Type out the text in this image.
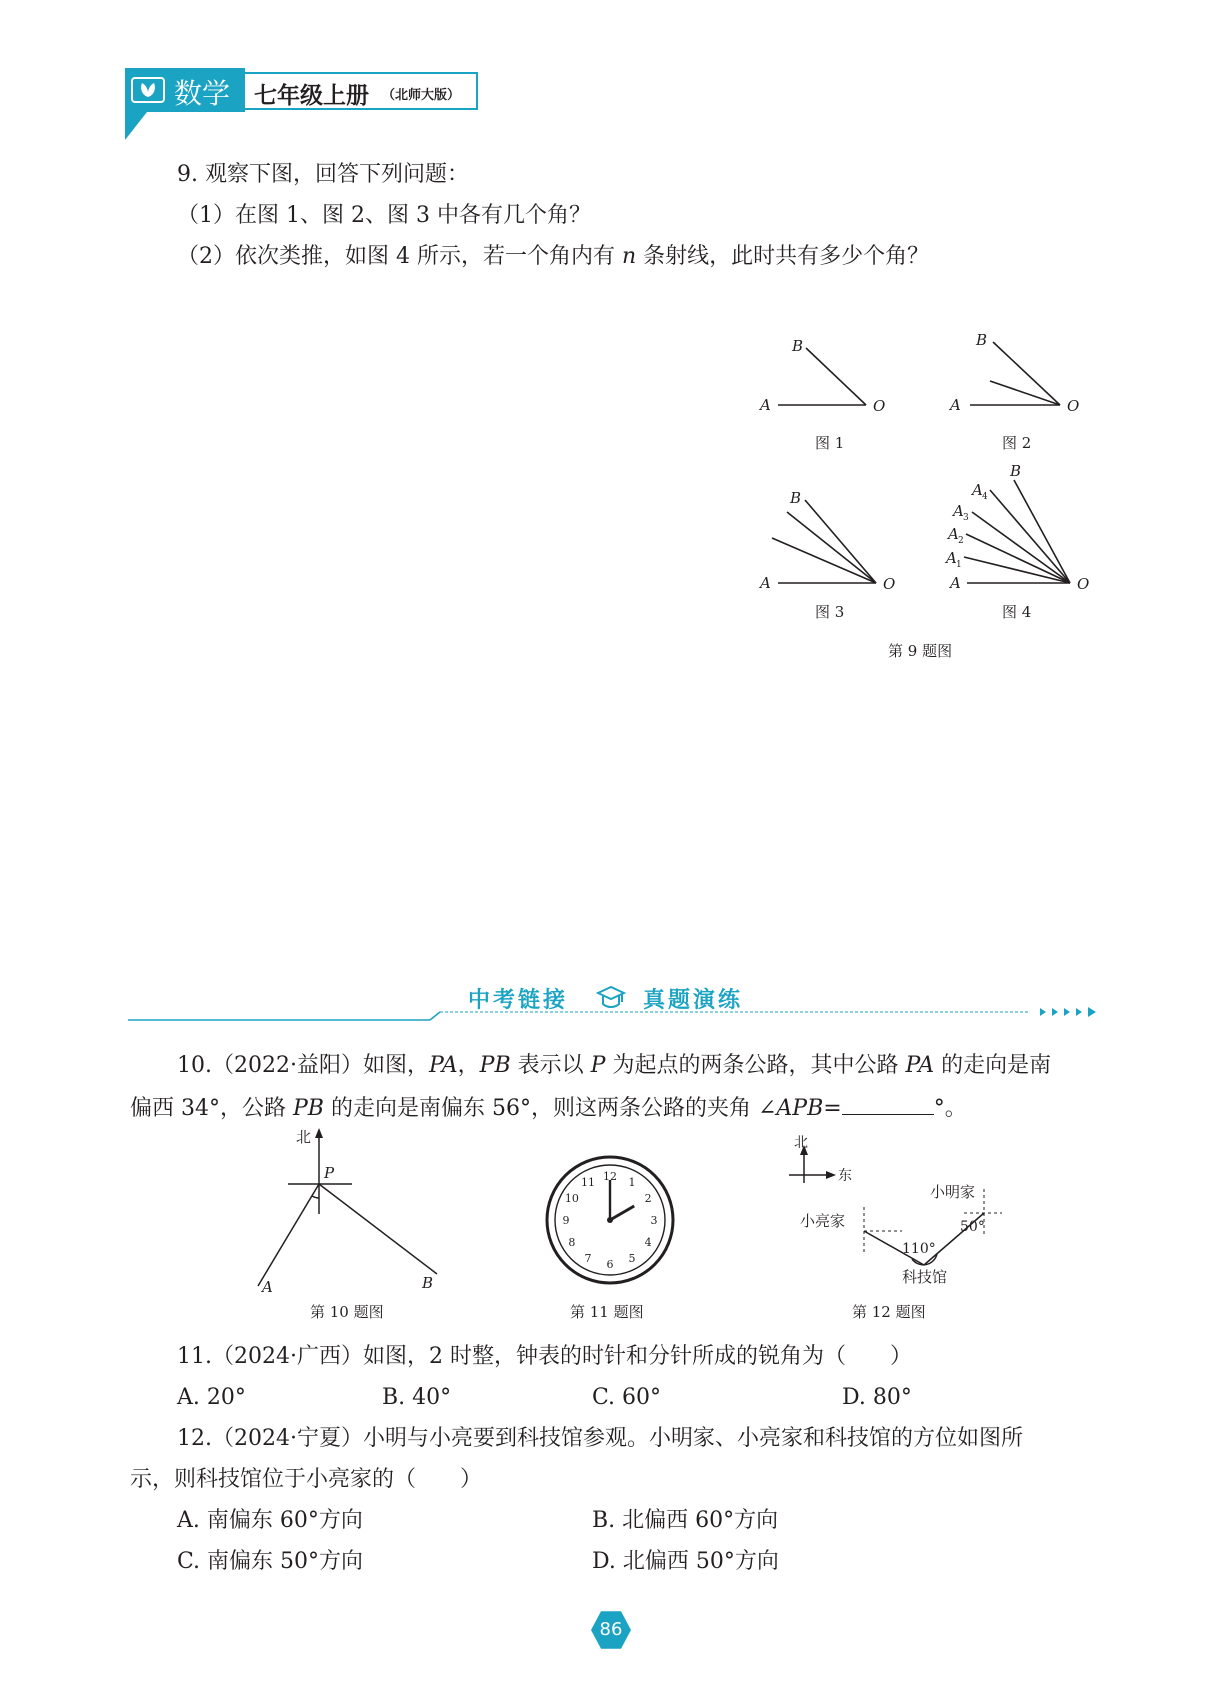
数学 七年级上册 （北师大版）
9. 观察下图，回答下列问题：
（1）在图 1、图 2、图 3 中各有几个角？
（2）依次类推，如图 4 所示，若一个角内有 n 条射线，此时共有多少个角？
A
B
O	A
B
O
A
B
O	A
A
A
A
A
B
O
1
2
3
4
图 1	图 2
图 3	图 4
第 9 题图
中考链接	真题演练
10.（2022·益阳）如图，PA，PB 表示以 P 为起点的两条公路，其中公路 PA 的走向是南
偏西 34°，公路 PB 的走向是南偏东 56°，则这两条公路的夹角 ∠APB=	°。
北
P
A	B
第 10 题图
12 1
2
3
4
5
6
7
8
9
10
11
第 11 题图
北
东
小明家
小亮家
科技馆
110°
50°
第 12 题图
11.（2024·广西）如图，2 时整，钟表的时针和分针所成的锐角为（　　）
A. 20°	B. 40°	C. 60°	D. 80°
12.（2024·宁夏）小明与小亮要到科技馆参观。小明家、小亮家和科技馆的方位如图所
示，则科技馆位于小亮家的（　　）
A. 南偏东 60°方向	B. 北偏西 60°方向
C. 南偏东 50°方向	D. 北偏西 50°方向
86
